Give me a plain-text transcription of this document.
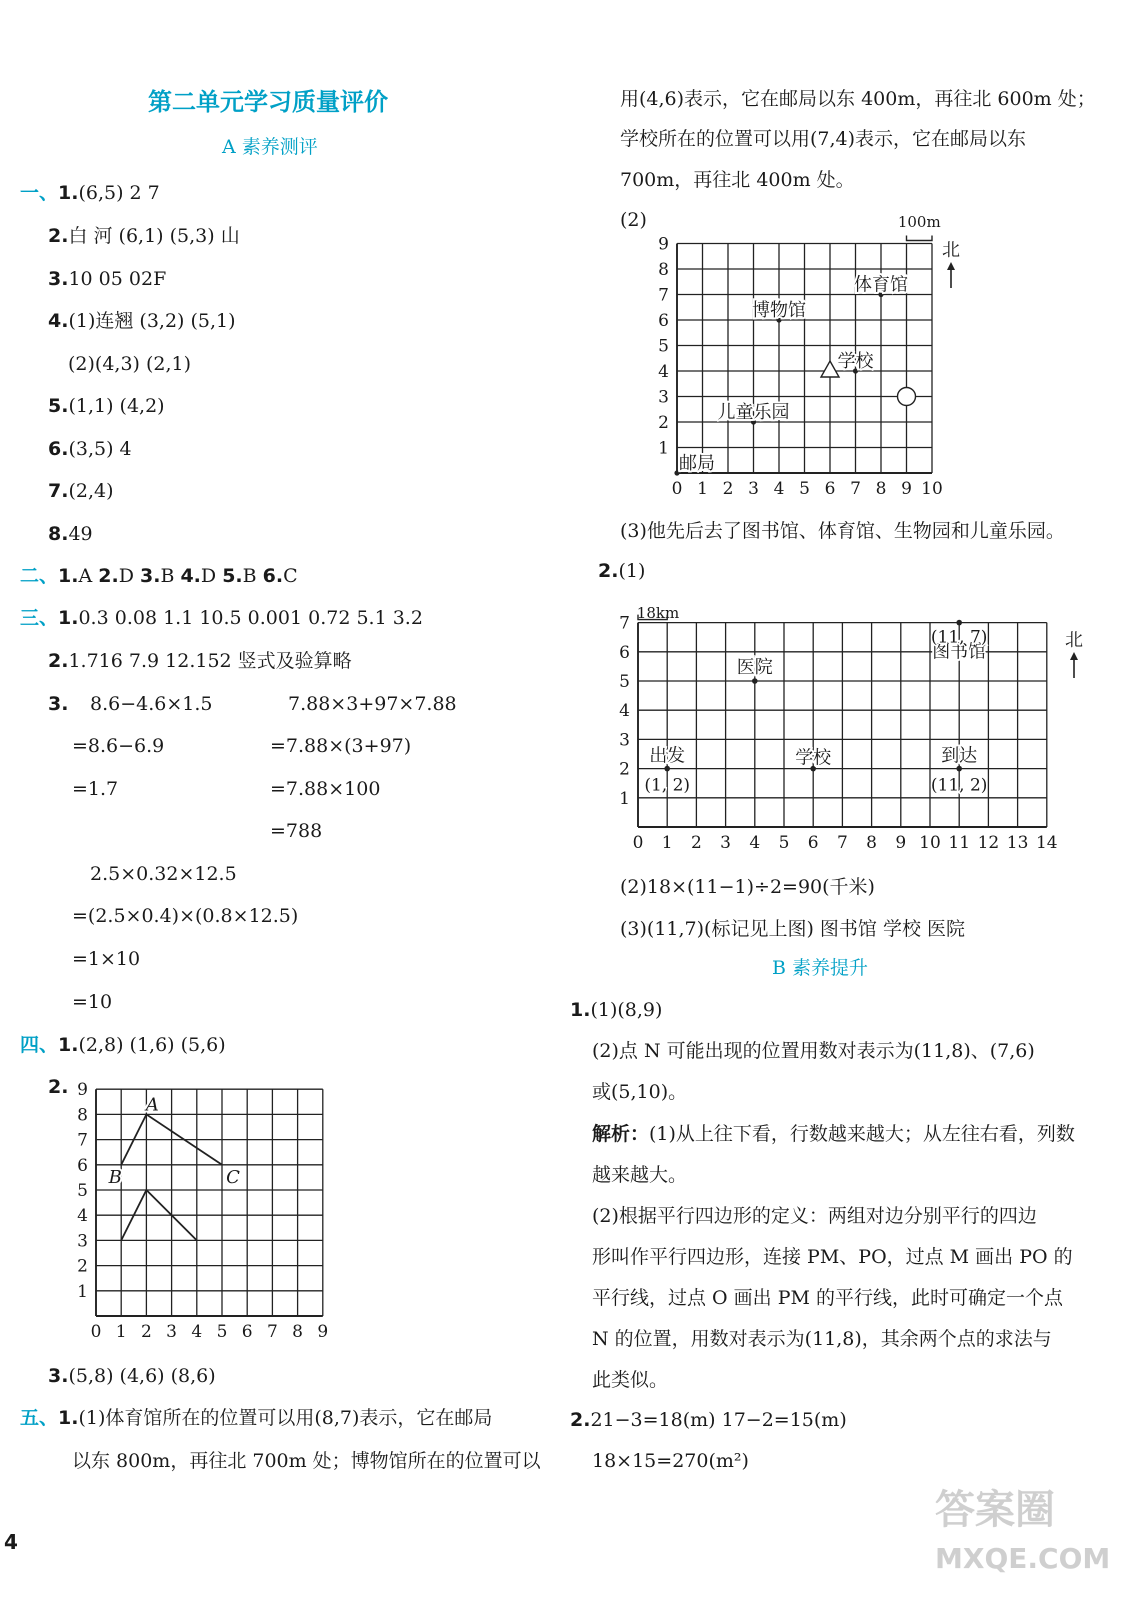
第二单元学习质量评价
A 素养测评
一、1.(6,5) 2 7
2.白 河 (6,1) (5,3) 山
3.10 05 02F
4.(1)连翘 (3,2) (5,1)
(2)(4,3) (2,1)
5.(1,1) (4,2)
6.(3,5) 4
7.(2,4)
8.49
二、1.A 2.D 3.B 4.D 5.B 6.C
三、1.0.3 0.08 1.1 10.5 0.001 0.72 5.1 3.2
2.1.716 7.9 12.152 竖式及验算略
3. 8.6−4.6×1.5
=8.6−6.9
=1.7
7.88×3+97×7.88
=7.88×(3+97)
=7.88×100
=788
2.5×0.32×12.5
=(2.5×0.4)×(0.8×12.5)
=1×10
=10
四、1.(2,8) (1,6) (5,6)
2.
0 1 2 3 4 5 6 7 8 9
1
2
3
4
5
6
7
8
9
A
B	C
3.(5,8) (4,6) (8,6)
五、1.(1)体育馆所在的位置可以用(8,7)表示，它在邮局
以东 800m，再往北 700m 处；博物馆所在的位置可以
4
用(4,6)表示，它在邮局以东 400m，再往北 600m 处；
学校所在的位置可以用(7,4)表示，它在邮局以东
700m，再往北 400m 处。
(2)
0 1 2 3 4 5 6 7 8 9 10
1
2
3
4
5
6
7
8
9
100m
北
体育馆
博物馆
学校
儿童乐园
邮局
(3)他先后去了图书馆、体育馆、生物园和儿童乐园。
2.(1)
0 1 2 3 4 5 6 7 8 9 10 11 12 13 14
1
2
3
4
5
6
7
18km
北
医院
图书馆
(11, 7)
出发
(1, 2)
学校	到达
(11, 2)
(2)18×(11−1)÷2=90(千米)
(3)(11,7)(标记见上图) 图书馆 学校 医院
B 素养提升
1.(1)(8,9)
(2)点 N 可能出现的位置用数对表示为(11,8)、(7,6)
或(5,10)。
解析：(1)从上往下看，行数越来越大；从左往右看，列数
越来越大。
(2)根据平行四边形的定义：两组对边分别平行的四边
形叫作平行四边形，连接 PM、PO，过点 M 画出 PO 的
平行线，过点 O 画出 PM 的平行线，此时可确定一个点
N 的位置，用数对表示为(11,8)，其余两个点的求法与
此类似。
2.21−3=18(m) 17−2=15(m)
18×15=270(m²)
答案圈
MXQE.COM
